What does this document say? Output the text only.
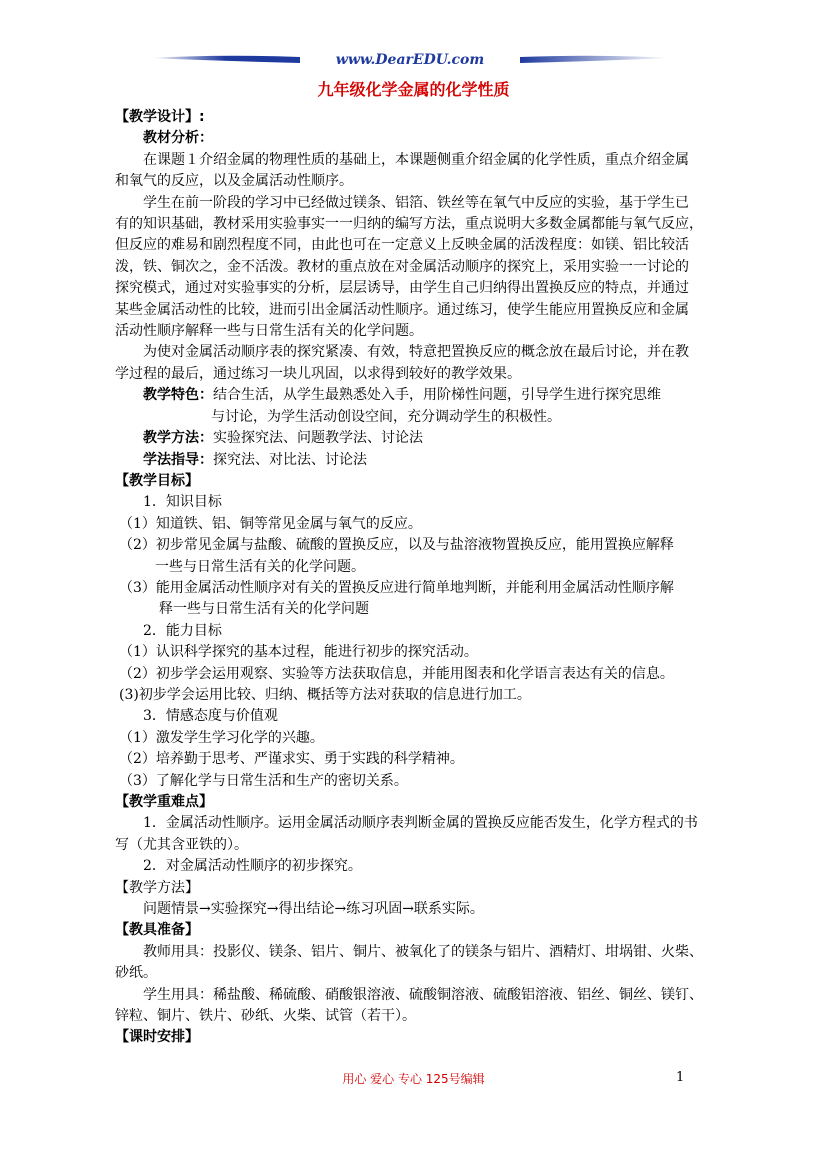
www.DearEDU.com
九年级化学金属的化学性质

【教学设计】:

教材分析：

在课题１介绍金属的物理性质的基础上，本课题侧重介绍金属的化学性质，重点介绍金属

和氧气的反应，以及金属活动性顺序。

学生在前一阶段的学习中已经做过镁条、铝箔、铁丝等在氧气中反应的实验，基于学生已

有的知识基础，教材采用实验事实一一归纳的编写方法，重点说明大多数金属都能与氧气反应，

但反应的难易和剧烈程度不同，由此也可在一定意义上反映金属的活泼程度：如镁、铝比较活

泼，铁、铜次之，金不活泼。教材的重点放在对金属活动顺序的探究上，采用实验一一讨论的

探究模式，通过对实验事实的分析，层层诱导，由学生自己归纳得出置换反应的特点，并通过

某些金属活动性的比较，进而引出金属活动性顺序。通过练习，使学生能应用置换反应和金属

活动性顺序解释一些与日常生活有关的化学问题。

为使对金属活动顺序表的探究紧凑、有效，特意把置换反应的概念放在最后讨论，并在教

学过程的最后，通过练习一块儿巩固，以求得到较好的教学效果。

教学特色：结合生活，从学生最熟悉处入手，用阶梯性问题，引导学生进行探究思维

与讨论，为学生活动创设空间，充分调动学生的积极性。

教学方法：实验探究法、问题教学法、讨论法

学法指导：探究法、对比法、讨论法

【教学目标】

1．知识目标

（1）知道铁、铝、铜等常见金属与氧气的反应。

（2）初步常见金属与盐酸、硫酸的置换反应，以及与盐溶液物置换反应，能用置换应解释

一些与日常生活有关的化学问题。

（3）能用金属活动性顺序对有关的置换反应进行简单地判断，并能利用金属活动性顺序解

释一些与日常生活有关的化学问题

2．能力目标

（1）认识科学探究的基本过程，能进行初步的探究活动。

（2）初步学会运用观察、实验等方法获取信息，并能用图表和化学语言表达有关的信息。

(3)初步学会运用比较、归纳、概括等方法对获取的信息进行加工。

3．情感态度与价值观

（1）激发学生学习化学的兴趣。

（2）培养勤于思考、严谨求实、勇于实践的科学精神。

（3）了解化学与日常生活和生产的密切关系。

【教学重难点】

1．金属活动性顺序。运用金属活动顺序表判断金属的置换反应能否发生，化学方程式的书

写（尤其含亚铁的）。

2．对金属活动性顺序的初步探究。

【教学方法】

问题情景→实验探究→得出结论→练习巩固→联系实际。

【教具准备】

教师用具：投影仪、镁条、铝片、铜片、被氧化了的镁条与铝片、酒精灯、坩埚钳、火柴、

砂纸。

学生用具：稀盐酸、稀硫酸、硝酸银溶液、硫酸铜溶液、硫酸铝溶液、铝丝、铜丝、镁钉、

锌粒、铜片、铁片、砂纸、火柴、试管（若干）。

【课时安排】

用心 爱心 专心 125号编辑	1
